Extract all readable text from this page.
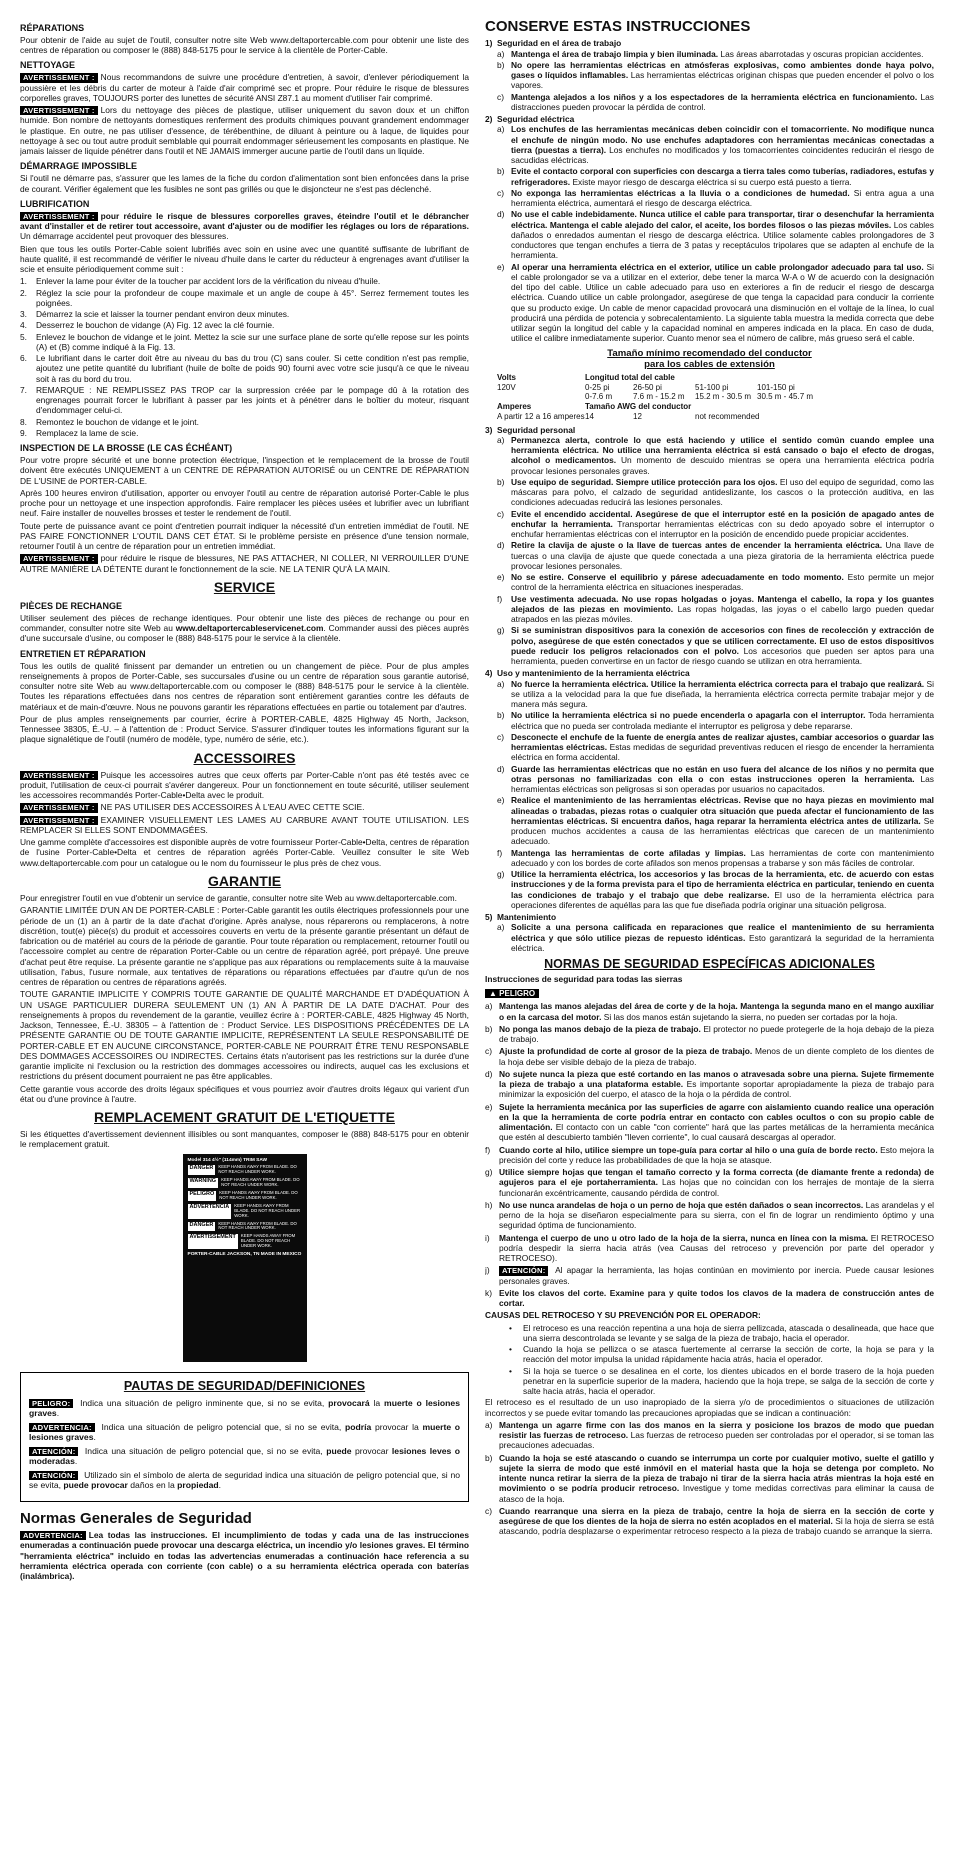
RÉPARATIONS

Pour obtenir de l'aide au sujet de l'outil, consulter notre site Web www.deltaportercable.com pour obtenir une liste des centres de réparation ou composer le (888) 848-5175 pour le service à la clientèle de Porter-Cable.

NETTOYAGE

AVERTISSEMENT : Nous recommandons de suivre une procédure d'entretien, à savoir, d'enlever périodiquement la poussière et les débris du carter de moteur à l'aide d'air comprimé sec et propre. Pour réduire le risque de blessures corporelles graves, TOUJOURS porter des lunettes de sécurité ANSI Z87.1 au moment d'utiliser l'air comprimé.

AVERTISSEMENT : Lors du nettoyage des pièces de plastique, utiliser uniquement du savon doux et un chiffon humide. Bon nombre de nettoyants domestiques renferment des produits chimiques pouvant grandement endommager le plastique. En outre, ne pas utiliser d'essence, de térébenthine, de diluant à peinture ou à laque, de liquides pour nettoyage à sec ou tout autre produit semblable qui pourrait endommager sérieusement les composants en plastique. Ne jamais laisser de liquide pénétrer dans l'outil et NE JAMAIS immerger aucune partie de l'outil dans un liquide.

DÉMARRAGE IMPOSSIBLE

Si l'outil ne démarre pas, s'assurer que les lames de la fiche du cordon d'alimentation sont bien enfoncées dans la prise de courant. Vérifier également que les fusibles ne sont pas grillés ou que le disjoncteur ne s'est pas déclenché.

LUBRIFICATION

AVERTISSEMENT : pour réduire le risque de blessures corporelles graves, éteindre l'outil et le débrancher avant d'installer et de retirer tout accessoire, avant d'ajuster ou de modifier les réglages ou lors de réparations. Un démarrage accidentel peut provoquer des blessures.

Bien que tous les outils Porter-Cable soient lubrifiés avec soin en usine avec une quantité suffisante de lubrifiant de haute qualité, il est recommandé de vérifier le niveau d'huile dans le carter du réducteur à engrenages avant d'utiliser la scie et ensuite périodiquement comme suit :

1.	Enlever la lame pour éviter de la toucher par accident lors de la vérification du niveau d'huile.
2.	Réglez la scie pour la profondeur de coupe maximale et un angle de coupe à 45°. Serrez fermement toutes les poignées.
3.	Démarrez la scie et laisser la tourner pendant environ deux minutes.
4.	Desserrez le bouchon de vidange (A) Fig. 12 avec la clé fournie.
5.	Enlevez le bouchon de vidange et le joint. Mettez la scie sur une surface plane de sorte qu'elle repose sur les points (A) et (B) comme indiqué à la Fig. 13.
6.	Le lubrifiant dans le carter doit être au niveau du bas du trou (C) sans couler. Si cette condition n'est pas remplie, ajoutez une petite quantité du lubrifiant (huile de boîte de poids 90) fourni avec votre scie jusqu'à ce que le niveau soit à ras du bord du trou.
7.	REMARQUE : NE REMPLISSEZ PAS TROP car la surpression créée par le pompage dû à la rotation des engrenages pourrait forcer le lubrifiant à passer par les joints et à pénétrer dans le boîtier du moteur, risquant d'endommager celui-ci.
8.	Remontez le bouchon de vidange et le joint.
9.	Remplacez la lame de scie.
INSPECTION DE LA BROSSE (LE CAS ÉCHÉANT)

Pour votre propre sécurité et une bonne protection électrique, l'inspection et le remplacement de la brosse de l'outil doivent être exécutés UNIQUEMENT à un CENTRE DE RÉPARATION AUTORISÉ ou un CENTRE DE RÉPARATION DE L'USINE de PORTER-CABLE.

Après 100 heures environ d'utilisation, apporter ou envoyer l'outil au centre de réparation autorisé Porter-Cable le plus proche pour un nettoyage et une inspection approfondis. Faire remplacer les pièces usées et lubrifier avec un lubrifiant neuf. Faire installer de nouvelles brosses et tester le rendement de l'outil.

Toute perte de puissance avant ce point d'entretien pourrait indiquer la nécessité d'un entretien immédiat de l'outil. NE PAS FAIRE FONCTIONNER L'OUTIL DANS CET ÉTAT. Si le problème persiste en présence d'une tension normale, retourner l'outil à un centre de réparation pour un entretien immédiat.

AVERTISSEMENT : pour réduire le risque de blessures, NE PAS ATTACHER, NI COLLER, NI VERROUILLER D'UNE AUTRE MANIÈRE LA DÉTENTE durant le fonctionnement de la scie. NE LA TENIR QU'À LA MAIN.

SERVICE
PIÈCES DE RECHANGE

Utiliser seulement des pièces de rechange identiques. Pour obtenir une liste des pièces de rechange ou pour en commander, consulter notre site Web au www.deltaportercableservicenet.com. Commander aussi des pièces auprès d'une succursale d'usine, ou composer le (888) 848-5175 pour le service à la clientèle.

ENTRETIEN ET RÉPARATION

Tous les outils de qualité finissent par demander un entretien ou un changement de pièce. Pour de plus amples renseignements à propos de Porter-Cable, ses succursales d'usine ou un centre de réparation sous garantie autorisé, consulter notre site Web au www.deltaportercable.com ou composer le (888) 848-5175 pour le service à la clientèle. Toutes les réparations effectuées dans nos centres de réparation sont entièrement garanties contre les défauts de matériaux et de main-d'œuvre. Nous ne pouvons garantir les réparations effectuées en partie ou totalement par d'autres.

Pour de plus amples renseignements par courrier, écrire à PORTER-CABLE, 4825 Highway 45 North, Jackson, Tennessee 38305, É.-U. – à l'attention de : Product Service. S'assurer d'indiquer toutes les informations figurant sur la plaque signalétique de l'outil (numéro de modèle, type, numéro de série, etc.).

ACCESSOIRES

AVERTISSEMENT : Puisque les accessoires autres que ceux offerts par Porter-Cable n'ont pas été testés avec ce produit, l'utilisation de ceux-ci pourrait s'avérer dangereux. Pour un fonctionnement en toute sécurité, utiliser seulement les accessoires recommandés Porter-Cable•Delta avec le produit.

AVERTISSEMENT : NE PAS UTILISER DES ACCESSOIRES À L'EAU AVEC CETTE SCIE.

AVERTISSEMENT : EXAMINER VISUELLEMENT LES LAMES AU CARBURE AVANT TOUTE UTILISATION. LES REMPLACER SI ELLES SONT ENDOMMAGÉES.

Une gamme complète d'accessoires est disponible auprès de votre fournisseur Porter-Cable•Delta, centres de réparation de l'usine Porter-Cable•Delta et centres de réparation agréés Porter-Cable. Veuillez consulter le site Web www.deltaportercable.com pour un catalogue ou le nom du fournisseur le plus près de chez vous.

GARANTIE

Pour enregistrer l'outil en vue d'obtenir un service de garantie, consulter notre site Web au www.deltaportercable.com.

GARANTIE LIMITÉE D'UN AN DE PORTER-CABLE : Porter-Cable garantit les outils électriques professionnels pour une période de un (1) an à partir de la date d'achat d'origine. Après analyse, nous réparerons ou remplacerons, à notre discrétion, tout(e) pièce(s) du produit et accessoires couverts en vertu de la présente garantie présentant un défaut de fabrication ou de matériel au cours de la période de garantie. Pour toute réparation ou remplacement, retourner l'outil ou l'accessoire complet au centre de réparation Porter-Cable ou un centre de réparation agréé, port prépayé. Une preuve d'achat peut être requise. La présente garantie ne s'applique pas aux réparations ou remplacements suite à la mauvaise utilisation, l'abus, l'usure normale, aux tentatives de réparations ou réparations effectuées par d'autre qu'un de nos centres de réparation ou centres de réparations agréés.

TOUTE GARANTIE IMPLICITE Y COMPRIS TOUTE GARANTIE DE QUALITÉ MARCHANDE ET D'ADÉQUATION À UN USAGE PARTICULIER DURERA SEULEMENT UN (1) AN À PARTIR DE LA DATE D'ACHAT. Pour des renseignements à propos du revendement de la garantie, veuillez écrire à : PORTER-CABLE, 4825 Highway 45 North, Jackson, Tennessee, É.-U. 38305 – à l'attention de : Product Service. LES DISPOSITIONS PRÉCÉDENTES DE LA PRÉSENTE GARANTIE OU DE TOUTE GARANTIE IMPLICITE, REPRÉSENTENT LA SEULE RESPONSABILITÉ DE PORTER-CABLE ET EN AUCUNE CIRCONSTANCE, PORTER-CABLE NE POURRAIT ÊTRE TENU RESPONSABLE DES DOMMAGES ACCESSOIRES OU INDIRECTES. Certains états n'autorisent pas les restrictions sur la durée d'une garantie implicite ni l'exclusion ou la restriction des dommages accessoires ou indirects, auquel cas les exclusions et restrictions du présent document pourraient ne pas être applicables.

Cette garantie vous accorde des droits légaux spécifiques et vous pourriez avoir d'autres droits légaux qui varient d'un état ou d'une province à l'autre.

REMPLACEMENT GRATUIT DE L'ETIQUETTE

Si les étiquettes d'avertissement deviennent illisibles ou sont manquantes, composer le (888) 848-5175 pour en obtenir le remplacement gratuit.

Model 314 4½" (114mm) TRIM SAW
DANGER	KEEP HANDS AWAY FROM BLADE. DO NOT REACH UNDER WORK.
WARNING	KEEP HANDS AWAY FROM BLADE. DO NOT REACH UNDER WORK.
PELIGRO	KEEP HANDS AWAY FROM BLADE. DO NOT REACH UNDER WORK.
ADVERTENCIA	KEEP HANDS AWAY FROM BLADE. DO NOT REACH UNDER WORK.
DANGER	KEEP HANDS AWAY FROM BLADE. DO NOT REACH UNDER WORK.
AVERTISSEMENT	KEEP HANDS AWAY FROM BLADE. DO NOT REACH UNDER WORK.
PORTER-CABLE JACKSON, TN MADE IN MEXICO
PAUTAS DE SEGURIDAD/DEFINICIONES

PELIGRO: Indica una situación de peligro inminente que, si no se evita, provocará la muerte o lesiones graves.

ADVERTENCIA: Indica una situación de peligro potencial que, si no se evita, podría provocar la muerte o lesiones graves.

ATENCIÓN: Indica una situación de peligro potencial que, si no se evita, puede provocar lesiones leves o moderadas.

ATENCIÓN: Utilizado sin el símbolo de alerta de seguridad indica una situación de peligro potencial que, si no se evita, puede provocar daños en la propiedad.

Normas Generales de Seguridad

ADVERTENCIA: Lea todas las instrucciones. El incumplimiento de todas y cada una de las instrucciones enumeradas a continuación puede provocar una descarga eléctrica, un incendio y/o lesiones graves. El término "herramienta eléctrica" incluido en todas las advertencias enumeradas a continuación hace referencia a su herramienta eléctrica operada con corriente (con cable) o a su herramienta eléctrica operada con baterías (inalámbrica).

CONSERVE ESTAS INSTRUCCIONES
1) Seguridad en el área de trabajo
a) Mantenga el área de trabajo limpia y bien iluminada. Las áreas abarrotadas y oscuras propician accidentes.
b) No opere las herramientas eléctricas en atmósferas explosivas, como ambientes donde haya polvo, gases o líquidos inflamables. Las herramientas eléctricas originan chispas que pueden encender el polvo o los vapores.
c) Mantenga alejados a los niños y a los espectadores de la herramienta eléctrica en funcionamiento. Las distracciones pueden provocar la pérdida de control.
2) Seguridad eléctrica
a) Los enchufes de las herramientas mecánicas deben coincidir con el tomacorriente. No modifique nunca el enchufe de ningún modo. No use enchufes adaptadores con herramientas mecánicas conectadas a tierra (puestas a tierra). Los enchufes no modificados y los tomacorrientes coincidentes reducirán el riesgo de sacudidas eléctricas.
b) Evite el contacto corporal con superficies con descarga a tierra tales como tuberías, radiadores, estufas y refrigeradores. Existe mayor riesgo de descarga eléctrica si su cuerpo está puesto a tierra.
c) No exponga las herramientas eléctricas a la lluvia o a condiciones de humedad. Si entra agua a una herramienta eléctrica, aumentará el riesgo de descarga eléctrica.
d) No use el cable indebidamente. Nunca utilice el cable para transportar, tirar o desenchufar la herramienta eléctrica. Mantenga el cable alejado del calor, el aceite, los bordes filosos o las piezas móviles. Los cables dañados o enredados aumentan el riesgo de descarga eléctrica. Utilice solamente cables prolongadores de 3 conductores que tengan enchufes a tierra de 3 patas y receptáculos tripolares que se adapten al enchufe de la herramienta.
e) Al operar una herramienta eléctrica en el exterior, utilice un cable prolongador adecuado para tal uso. Si el cable prolongador se va a utilizar en el exterior, debe tener la marca W-A o W de acuerdo con la designación del tipo del cable. Utilice un cable adecuado para uso en exteriores a fin de reducir el riesgo de descarga eléctrica. Cuando utilice un cable prolongador, asegúrese de que tenga la capacidad para conducir la corriente que su producto exige. Un cable de menor capacidad provocará una disminución en el voltaje de la línea, lo cual producirá una pérdida de potencia y sobrecalentamiento. La siguiente tabla muestra la medida correcta que debe utilizar según la longitud del cable y la capacidad nominal en amperes indicada en la placa. En caso de duda, utilice el calibre inmediatamente superior. Cuanto menor sea el número de calibre, más grueso será el cable.
Tamaño mínimo recomendado del conductor
para los cables de extensión
Volts	Longitud total del cable
120V	0-25 pi	26-50 pi	51-100 pi	101-150 pi
0-7.6 m	7.6 m - 15.2 m	15.2 m - 30.5 m 30.5 m - 45.7 m
Amperes	Tamaño AWG del conductor
A partir 12 a 16 amperes 14	12	not recommended
3) Seguridad personal
a) Permanezca alerta, controle lo que está haciendo y utilice el sentido común cuando emplee una herramienta eléctrica. No utilice una herramienta eléctrica si está cansado o bajo el efecto de drogas, alcohol o medicamentos. Un momento de descuido mientras se opera una herramienta eléctrica podría provocar lesiones personales graves.
b) Use equipo de seguridad. Siempre utilice protección para los ojos. El uso del equipo de seguridad, como las máscaras para polvo, el calzado de seguridad antideslizante, los cascos o la protección auditiva, en las condiciones adecuadas reducirá las lesiones personales.
c) Evite el encendido accidental. Asegúrese de que el interruptor esté en la posición de apagado antes de enchufar la herramienta. Transportar herramientas eléctricas con su dedo apoyado sobre el interruptor o enchufar herramientas eléctricas con el interruptor en la posición de encendido puede propiciar accidentes.
d) Retire la clavija de ajuste o la llave de tuercas antes de encender la herramienta eléctrica. Una llave de tuercas o una clavija de ajuste que quede conectada a una pieza giratoria de la herramienta eléctrica puede provocar lesiones personales.
e) No se estire. Conserve el equilibrio y párese adecuadamente en todo momento. Esto permite un mejor control de la herramienta eléctrica en situaciones inesperadas.
f)	Use vestimenta adecuada. No use ropas holgadas o joyas. Mantenga el cabello, la ropa y los guantes alejados de las piezas en movimiento. Las ropas holgadas, las joyas o el cabello largo pueden quedar atrapados en las piezas móviles.
g) Si se suministran dispositivos para la conexión de accesorios con fines de recolección y extracción de polvo, asegúrese de que estén conectados y que se utilicen correctamente. El uso de estos dispositivos puede reducir los peligros relacionados con el polvo. Los accesorios que pueden ser aptos para una herramienta, pueden convertirse en un factor de riesgo cuando se utilizan en otra herramienta.
4) Uso y mantenimiento de la herramienta eléctrica
a) No fuerce la herramienta eléctrica. Utilice la herramienta eléctrica correcta para el trabajo que realizará. Si se utiliza a la velocidad para la que fue diseñada, la herramienta eléctrica correcta permite trabajar mejor y de manera más segura.
b) No utilice la herramienta eléctrica si no puede encenderla o apagarla con el interruptor. Toda herramienta eléctrica que no pueda ser controlada mediante el interruptor es peligrosa y debe repararse.
c) Desconecte el enchufe de la fuente de energía antes de realizar ajustes, cambiar accesorios o guardar las herramientas eléctricas. Estas medidas de seguridad preventivas reducen el riesgo de encender la herramienta eléctrica en forma accidental.
d) Guarde las herramientas eléctricas que no están en uso fuera del alcance de los niños y no permita que otras personas no familiarizadas con ella o con estas instrucciones operen la herramienta. Las herramientas eléctricas son peligrosas si son operadas por usuarios no capacitados.
e) Realice el mantenimiento de las herramientas eléctricas. Revise que no haya piezas en movimiento mal alineadas o trabadas, piezas rotas o cualquier otra situación que pueda afectar el funcionamiento de las herramientas eléctricas. Si encuentra daños, haga reparar la herramienta eléctrica antes de utilizarla. Se producen muchos accidentes a causa de las herramientas eléctricas que carecen de un mantenimiento adecuado.
f)	Mantenga las herramientas de corte afiladas y limpias. Las herramientas de corte con mantenimiento adecuado y con los bordes de corte afilados son menos propensas a trabarse y son más fáciles de controlar.
g) Utilice la herramienta eléctrica, los accesorios y las brocas de la herramienta, etc. de acuerdo con estas instrucciones y de la forma prevista para el tipo de herramienta eléctrica en particular, teniendo en cuenta las condiciones de trabajo y el trabajo que debe realizarse. El uso de la herramienta eléctrica para operaciones diferentes de aquéllas para las que fue diseñada podría originar una situación peligrosa.
5) Mantenimiento
a) Solicite a una persona calificada en reparaciones que realice el mantenimiento de su herramienta eléctrica y que sólo utilice piezas de repuesto idénticas. Esto garantizará la seguridad de la herramienta eléctrica.
NORMAS DE SEGURIDAD ESPECÍFICAS ADICIONALES

Instrucciones de seguridad para todas las sierras

▲ PELIGRO
a) Mantenga las manos alejadas del área de corte y de la hoja. Mantenga la segunda mano en el mango auxiliar o en la carcasa del motor. Si las dos manos están sujetando la sierra, no pueden ser cortadas por la hoja.
b) No ponga las manos debajo de la pieza de trabajo. El protector no puede protegerle de la hoja debajo de la pieza de trabajo.
c) Ajuste la profundidad de corte al grosor de la pieza de trabajo. Menos de un diente completo de los dientes de la hoja debe ser visible debajo de la pieza de trabajo.
d) No sujete nunca la pieza que esté cortando en las manos o atravesada sobre una pierna. Sujete firmemente la pieza de trabajo a una plataforma estable. Es importante soportar apropiadamente la pieza de trabajo para minimizar la exposición del cuerpo, el atasco de la hoja o la pérdida de control.
e) Sujete la herramienta mecánica por las superficies de agarre con aislamiento cuando realice una operación en la que la herramienta de corte podría entrar en contacto con cables ocultos o con su propio cable de alimentación. El contacto con un cable "con corriente" hará que las partes metálicas de la herramienta mecánica que estén al descubierto también "lleven corriente", lo cual causará descargas al operador.
f)	Cuando corte al hilo, utilice siempre un tope-guía para cortar al hilo o una guía de borde recto. Esto mejora la precisión del corte y reduce las probabilidades de que la hoja se atasque.
g) Utilice siempre hojas que tengan el tamaño correcto y la forma correcta (de diamante frente a redonda) de agujeros para el eje portaherramienta. Las hojas que no coincidan con los herrajes de montaje de la sierra funcionarán excéntricamente, causando pérdida de control.
h) No use nunca arandelas de hoja o un perno de hoja que estén dañados o sean incorrectos. Las arandelas y el perno de la hoja se diseñaron especialmente para su sierra, con el fin de lograr un rendimiento óptimo y una seguridad óptima de funcionamiento.
i)	Mantenga el cuerpo de uno u otro lado de la hoja de la sierra, nunca en línea con la misma. El RETROCESO podría despedir la sierra hacia atrás (vea Causas del retroceso y prevención por parte del operador y RETROCESO).
j)	ATENCIÓN: Al apagar la herramienta, las hojas continúan en movimiento por inercia. Puede causar lesiones personales graves.
k) Evite los clavos del corte. Examine para y quite todos los clavos de la madera de construcción antes de cortar.

CAUSAS DEL RETROCESO Y SU PREVENCIÓN POR EL OPERADOR:

•	El retroceso es una reacción repentina a una hoja de sierra pellizcada, atascada o desalineada, que hace que una sierra descontrolada se levante y se salga de la pieza de trabajo, hacia el operador.
•	Cuando la hoja se pellizca o se atasca fuertemente al cerrarse la sección de corte, la hoja se para y la reacción del motor impulsa la unidad rápidamente hacia atrás, hacia el operador.
•	Si la hoja se tuerce o se desalinea en el corte, los dientes ubicados en el borde trasero de la hoja pueden penetrar en la superficie superior de la madera, haciendo que la hoja trepe, se salga de la sección de corte y salte hacia atrás, hacia el operador.

El retroceso es el resultado de un uso inapropiado de la sierra y/o de procedimientos o situaciones de utilización incorrectos y se puede evitar tomando las precauciones apropiadas que se indican a continuación:

a) Mantenga un agarre firme con las dos manos en la sierra y posicione los brazos de modo que puedan resistir las fuerzas de retroceso. Las fuerzas de retroceso pueden ser controladas por el operador, si se toman las precauciones adecuadas.
b) Cuando la hoja se esté atascando o cuando se interrumpa un corte por cualquier motivo, suelte el gatillo y sujete la sierra de modo que esté inmóvil en el material hasta que la hoja se detenga por completo. No intente nunca retirar la sierra de la pieza de trabajo ni tirar de la sierra hacia atrás mientras la hoja esté en movimiento o se podría producir retroceso. Investigue y tome medidas correctivas para eliminar la causa de atasco de la hoja.
c) Cuando rearranque una sierra en la pieza de trabajo, centre la hoja de sierra en la sección de corte y asegúrese de que los dientes de la hoja de sierra no estén acoplados en el material. Si la hoja de sierra se está atascando, podría desplazarse o experimentar retroceso respecto a la pieza de trabajo cuando se arranque la sierra.
